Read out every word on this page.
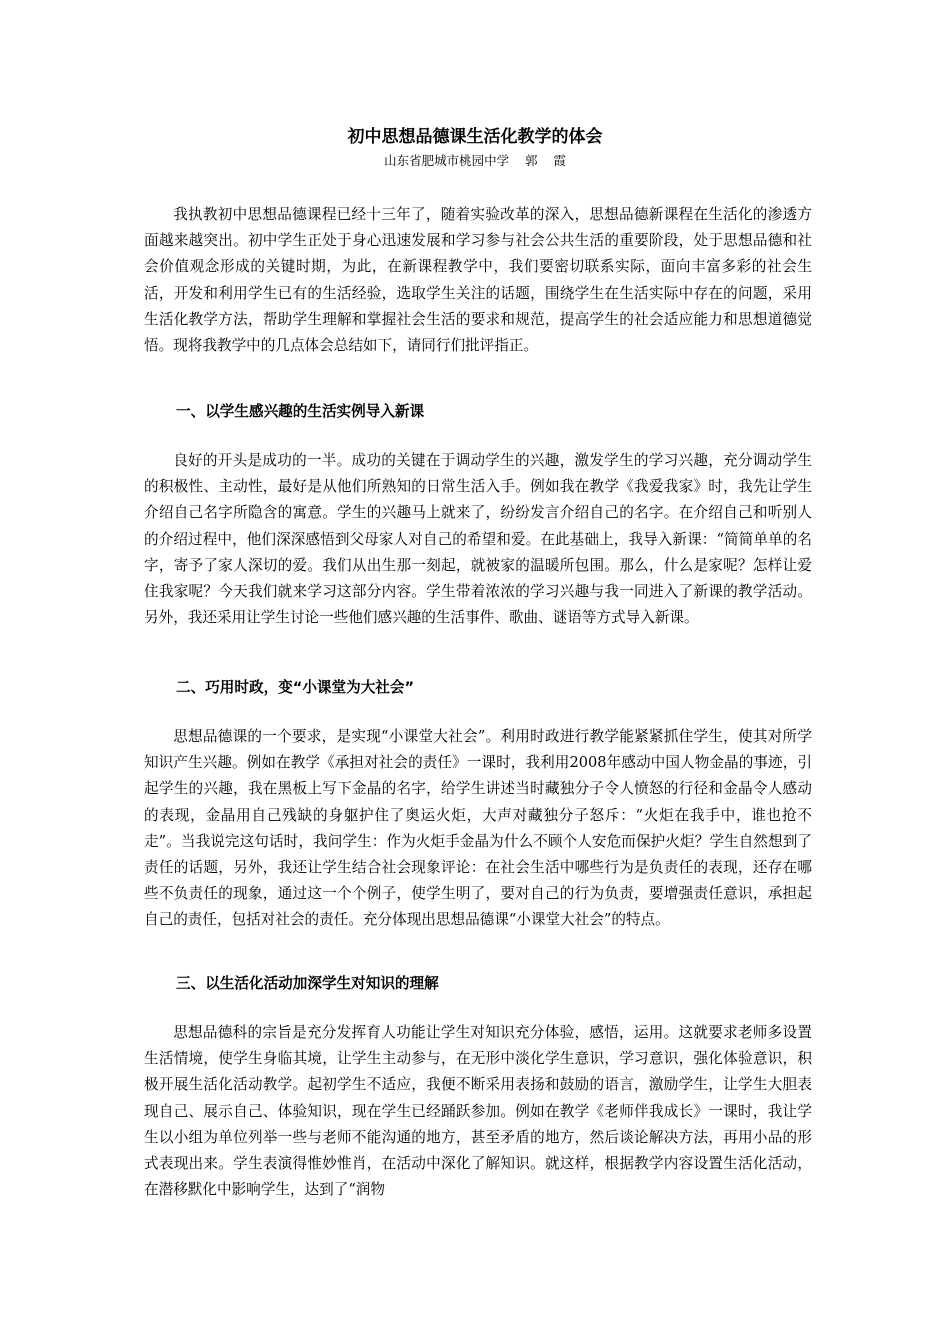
初中思想品德课生活化教学的体会
山东省肥城市桃园中学    郭    霞

我执教初中思想品德课程已经十三年了，随着实验改革的深入，思想品德新课程在生活化的渗透方面越来越突出。初中学生正处于身心迅速发展和学习参与社会公共生活的重要阶段，处于思想品德和社会价值观念形成的关键时期，为此，在新课程教学中，我们要密切联系实际，面向丰富多彩的社会生活，开发和利用学生已有的生活经验，选取学生关注的话题，围绕学生在生活实际中存在的问题，采用生活化教学方法，帮助学生理解和掌握社会生活的要求和规范，提高学生的社会适应能力和思想道德觉悟。现将我教学中的几点体会总结如下，请同行们批评指正。

一、以学生感兴趣的生活实例导入新课

良好的开头是成功的一半。成功的关键在于调动学生的兴趣，激发学生的学习兴趣，充分调动学生的积极性、主动性，最好是从他们所熟知的日常生活入手。例如我在教学《我爱我家》时，我先让学生介绍自己名字所隐含的寓意。学生的兴趣马上就来了，纷纷发言介绍自己的名字。在介绍自己和听别人的介绍过程中，他们深深感悟到父母家人对自己的希望和爱。在此基础上，我导入新课：“简简单单的名字，寄予了家人深切的爱。我们从出生那一刻起，就被家的温暖所包围。那么，什么是家呢？怎样让爱住我家呢？今天我们就来学习这部分内容。学生带着浓浓的学习兴趣与我一同进入了新课的教学活动。另外，我还采用让学生讨论一些他们感兴趣的生活事件、歌曲、谜语等方式导入新课。

二、巧用时政，变“小课堂为大社会”

思想品德课的一个要求，是实现“小课堂大社会”。利用时政进行教学能紧紧抓住学生，使其对所学知识产生兴趣。例如在教学《承担对社会的责任》一课时，我利用2008年感动中国人物金晶的事迹，引起学生的兴趣，我在黑板上写下金晶的名字，给学生讲述当时藏独分子令人愤怒的行径和金晶令人感动的表现，金晶用自己残缺的身躯护住了奥运火炬，大声对藏独分子怒斥：“火炬在我手中，谁也抢不走”。当我说完这句话时，我问学生：作为火炬手金晶为什么不顾个人安危而保护火炬？学生自然想到了责任的话题，另外，我还让学生结合社会现象评论：在社会生活中哪些行为是负责任的表现，还存在哪些不负责任的现象，通过这一个个例子，使学生明了，要对自己的行为负责，要增强责任意识，承担起自己的责任，包括对社会的责任。充分体现出思想品德课“小课堂大社会”的特点。

三、以生活化活动加深学生对知识的理解

思想品德科的宗旨是充分发挥育人功能让学生对知识充分体验，感悟，运用。这就要求老师多设置生活情境，使学生身临其境，让学生主动参与，在无形中淡化学生意识，学习意识，强化体验意识，积极开展生活化活动教学。起初学生不适应，我便不断采用表扬和鼓励的语言，激励学生，让学生大胆表现自己、展示自己、体验知识，现在学生已经踊跃参加。例如在教学《老师伴我成长》一课时，我让学生以小组为单位列举一些与老师不能沟通的地方，甚至矛盾的地方，然后谈论解决方法，再用小品的形式表现出来。学生表演得惟妙惟肖，在活动中深化了解知识。就这样，根据教学内容设置生活化活动，在潜移默化中影响学生，达到了“润物
